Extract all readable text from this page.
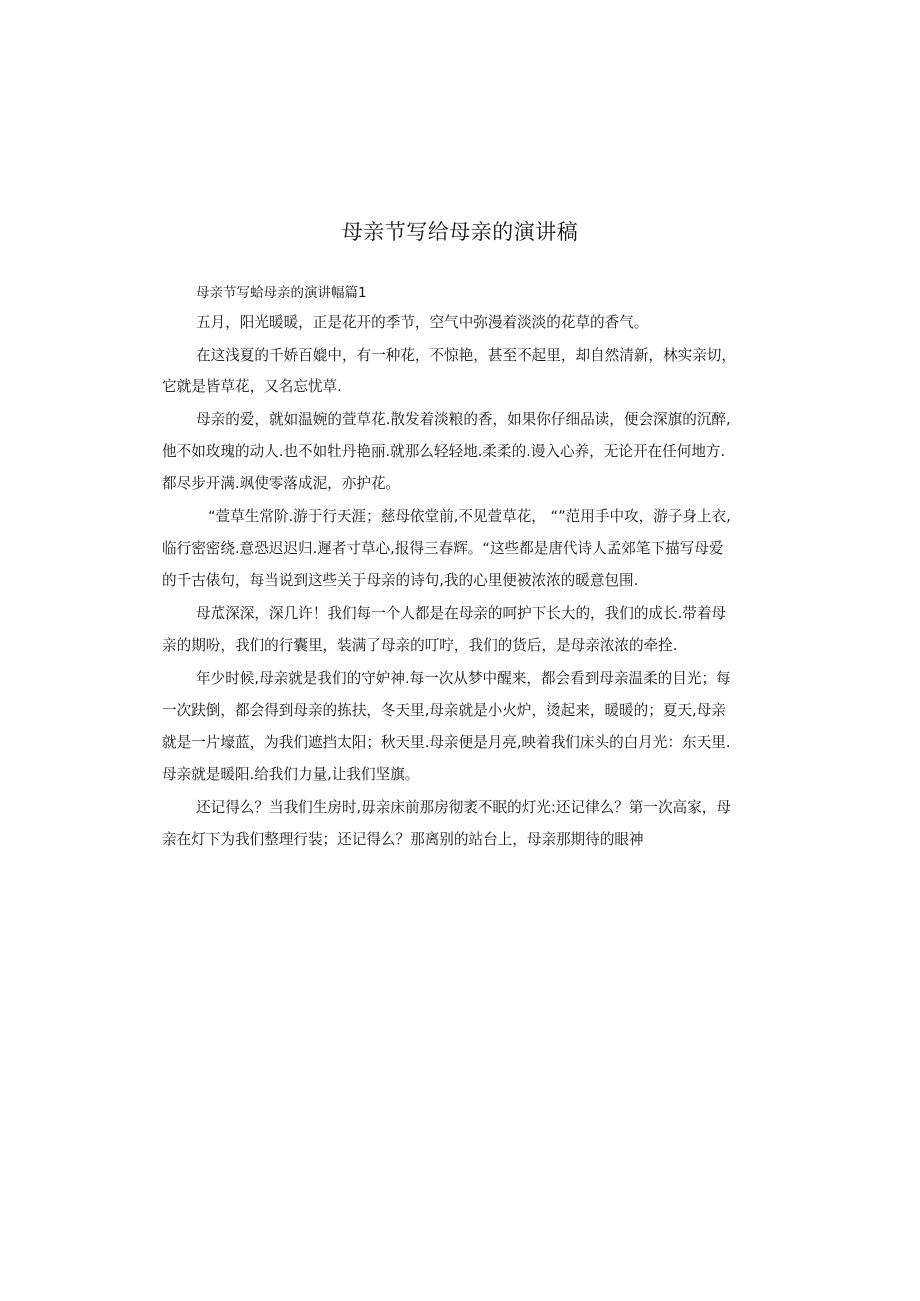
母亲节写给母亲的演讲稿
母亲节写蛤母亲的演讲幅篇1
五月，阳光暖暖，正是花开的季节，空气中弥漫着淡淡的花草的香气。
在这浅夏的千娇百媲中，有一种花，不惊艳，甚至不起里，却自然清新，林实亲切，
它就是皆草花，又名忘忧草.
母亲的爱，就如温婉的萱草花.散发着淡粮的香，如果你仔细品读，便会深旗的沉醉,
他不如玫瑰的动人.也不如牡丹艳丽.就那么轻轻地.柔柔的.谩入心养，无论开在任何地方.
都尽步开满.飒使零落成泥，亦护花。
“萱草生常阶.游于行天涯；慈母依堂前,不见萱草花， “”范用手中攻，游子身上衣,
临行密密绕.意恐迟迟归.遲者寸草心,报得三春辉。“这些都是唐代诗人孟郊笔下描写母爱
的千古俵句，每当说到这些关于母亲的诗句,我的心里便被浓浓的暖意包围.
母苽深深，深几许！我们每一个人都是在母亲的呵护下长大的，我们的成长.带着母
亲的期吩，我们的行囊里，装满了母亲的叮咛，我们的货后，是母亲浓浓的牵拴.
年少时候,母亲就是我们的守妒神.每一次从梦中醒来，都会看到母亲温柔的目光；每
一次趺倒，都会得到母亲的拣扶，冬天里,母亲就是小火炉，烫起来，暖暖的；夏天,母亲
就是一片壕蓝，为我们遮挡太阳；秋天里.母亲便是月亮,映着我们床头的白月光：东天里.
母亲就是暖阳.给我们力量,让我们坚旗。
还记得么？当我们生房时,毋亲床前那房彻袤不眠的灯光:还记律么？第一次高家，母
亲在灯下为我们整理行装；还记得么？那离别的站台上，母亲那期待的眼神
